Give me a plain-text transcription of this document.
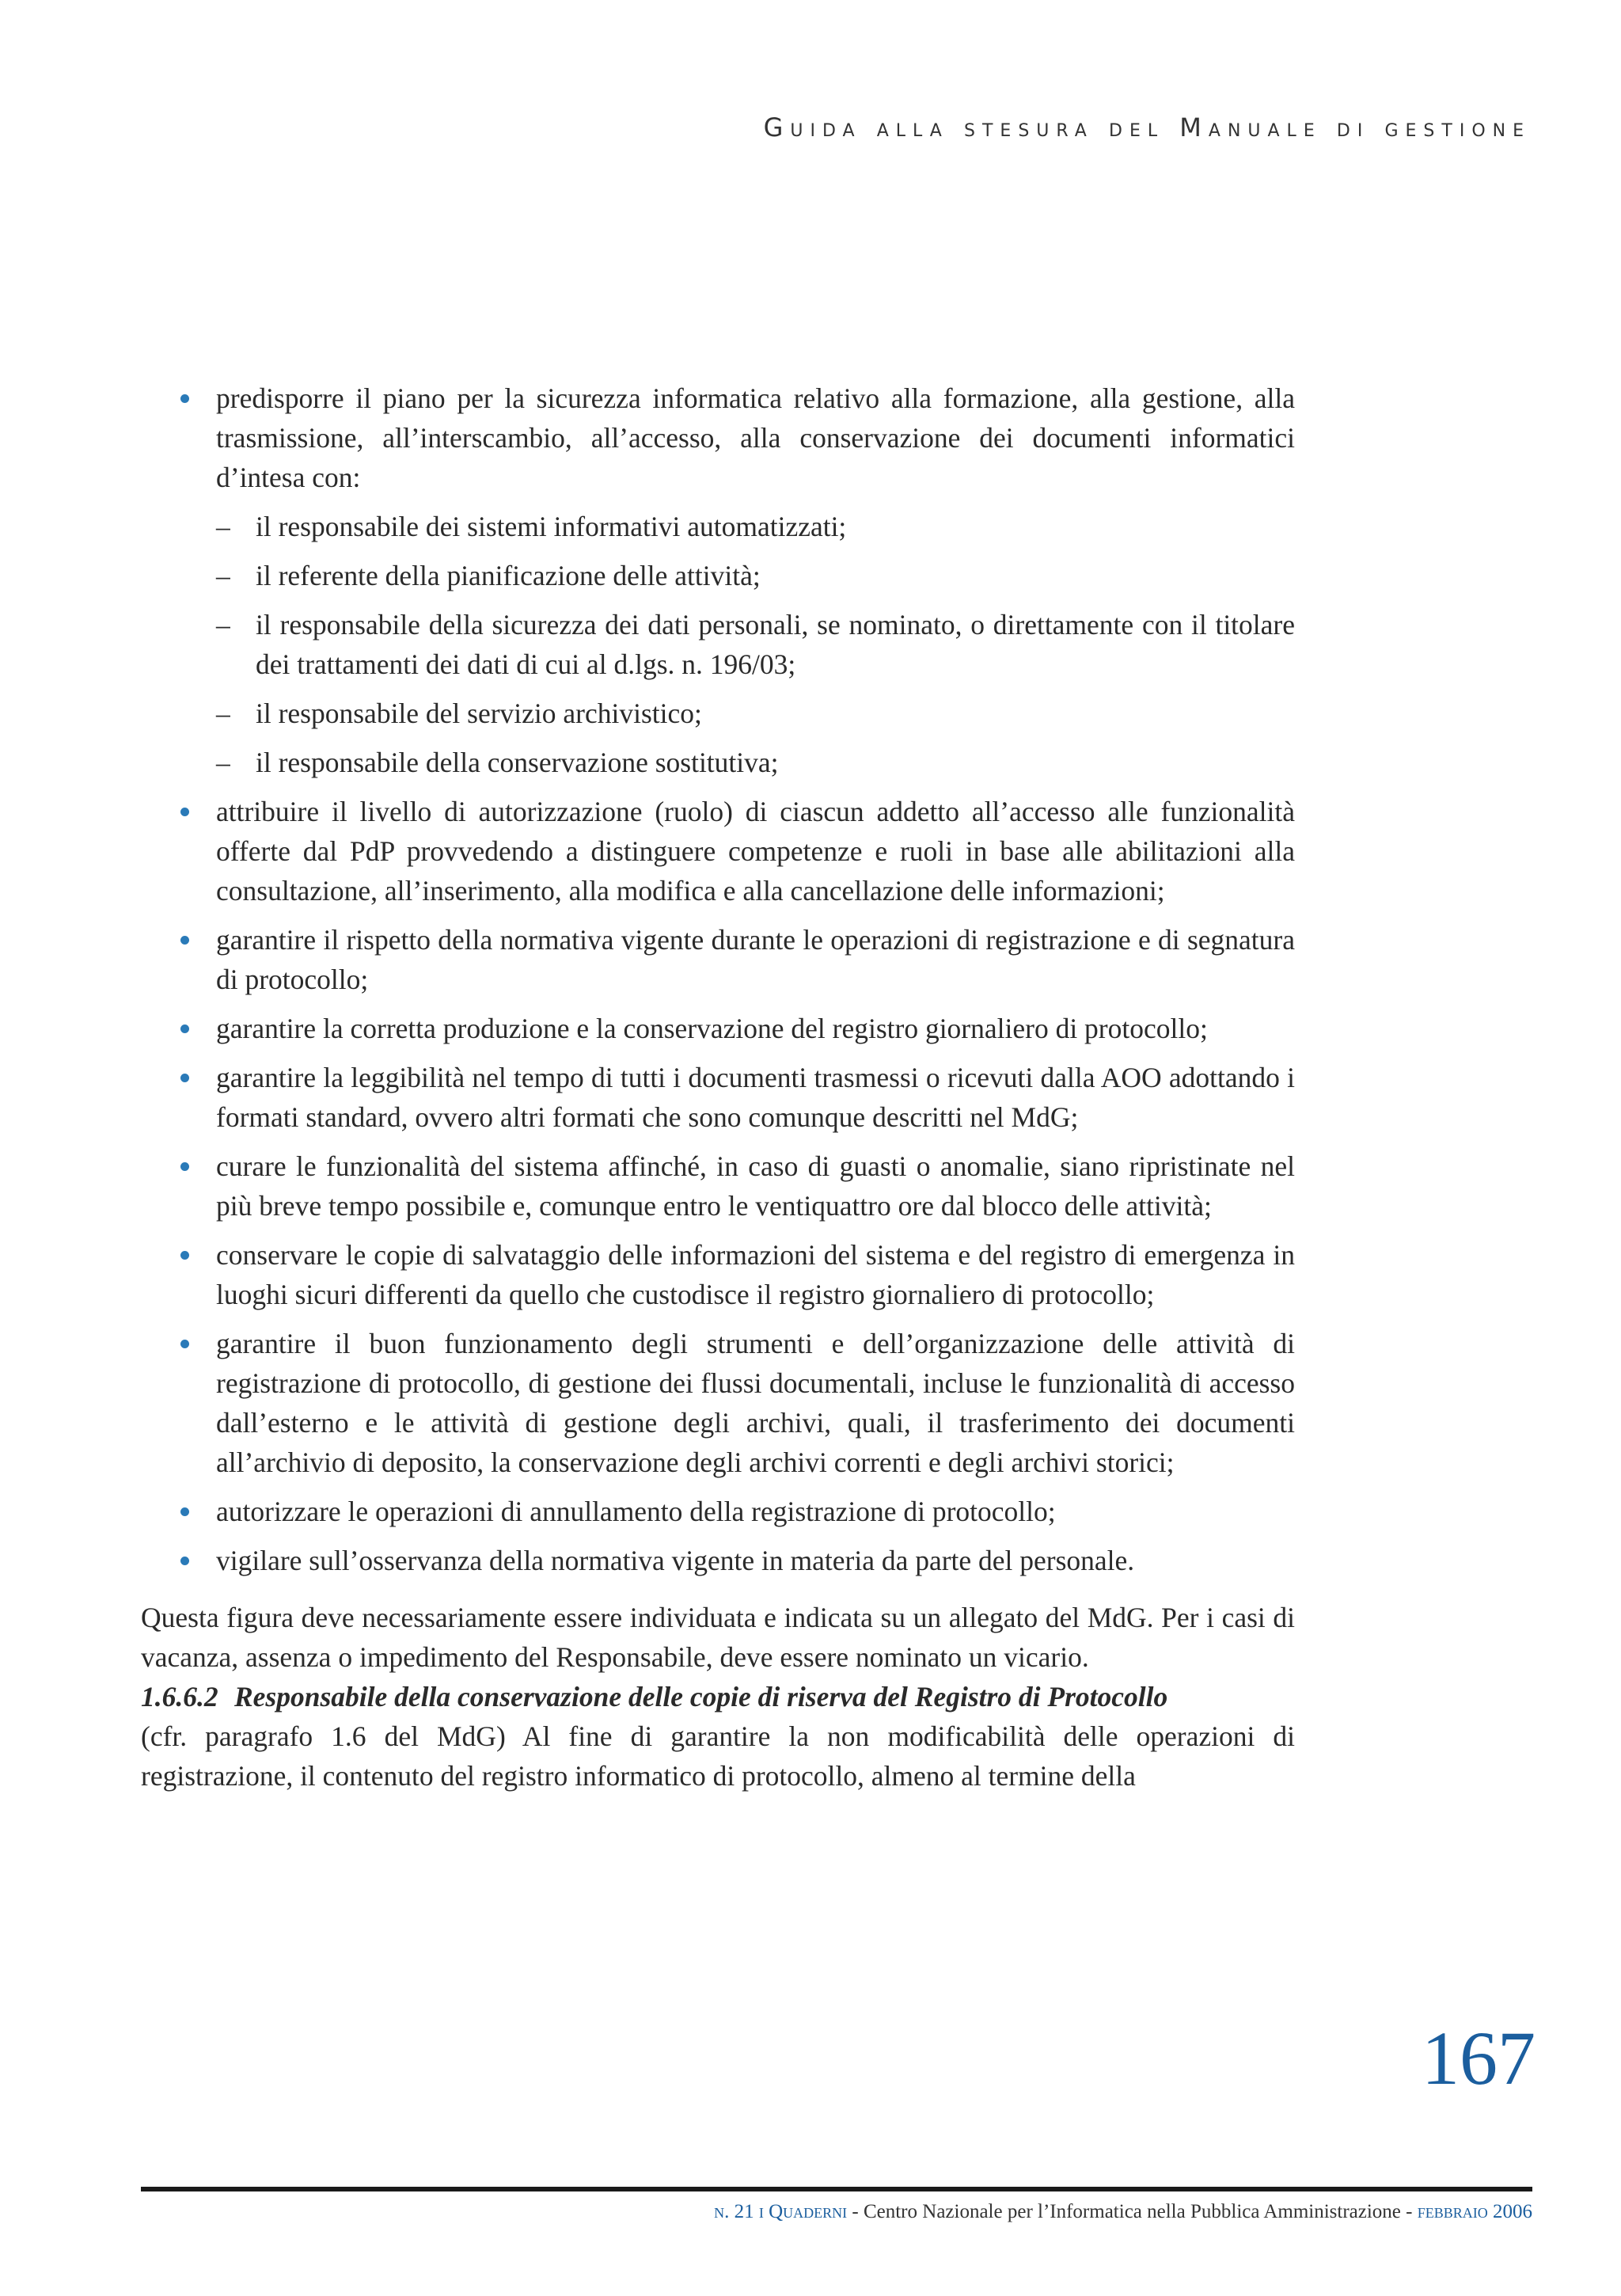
Guida alla stesura del Manuale di gestione
predisporre il piano per la sicurezza informatica relativo alla formazione, alla gestione, alla trasmissione, all’interscambio, all’accesso, alla conservazione dei documenti informatici d’intesa con:
– il responsabile dei sistemi informativi automatizzati;
– il referente della pianificazione delle attività;
– il responsabile della sicurezza dei dati personali, se nominato, o direttamente con il titolare dei trattamenti dei dati di cui al d.lgs. n. 196/03;
– il responsabile del servizio archivistico;
– il responsabile della conservazione sostitutiva;
attribuire il livello di autorizzazione (ruolo) di ciascun addetto all’accesso alle funzionalità offerte dal PdP provvedendo a distinguere competenze e ruoli in base alle abilitazioni alla consultazione, all’inserimento, alla modifica e alla cancellazione delle informazioni;
garantire il rispetto della normativa vigente durante le operazioni di registrazione e di segnatura di protocollo;
garantire la corretta produzione e la conservazione del registro giornaliero di protocollo;
garantire la leggibilità nel tempo di tutti i documenti trasmessi o ricevuti dalla AOO adottando i formati standard, ovvero altri formati che sono comunque descritti nel MdG;
curare le funzionalità del sistema affinché, in caso di guasti o anomalie, siano ripristinate nel più breve tempo possibile e, comunque entro le ventiquattro ore dal blocco delle attività;
conservare le copie di salvataggio delle informazioni del sistema e del registro di emergenza in luoghi sicuri differenti da quello che custodisce il registro giornaliero di protocollo;
garantire il buon funzionamento degli strumenti e dell’organizzazione delle attività di registrazione di protocollo, di gestione dei flussi documentali, incluse le funzionalità di accesso dall’esterno e le attività di gestione degli archivi, quali, il trasferimento dei documenti all’archivio di deposito, la conservazione degli archivi correnti e degli archivi storici;
autorizzare le operazioni di annullamento della registrazione di protocollo;
vigilare sull’osservanza della normativa vigente in materia da parte del personale.

Questa figura deve necessariamente essere individuata e indicata su un allegato del MdG. Per i casi di vacanza, assenza o impedimento del Responsabile, deve essere nominato un vicario.

1.6.6.2 Responsabile della conservazione delle copie di riserva del Registro di Protocollo

(cfr. paragrafo 1.6 del MdG) Al fine di garantire la non modificabilità delle operazioni di registrazione, il contenuto del registro informatico di protocollo, almeno al termine della

167
n. 21 i Quaderni - Centro Nazionale per l’Informatica nella Pubblica Amministrazione - febbraio 2006
